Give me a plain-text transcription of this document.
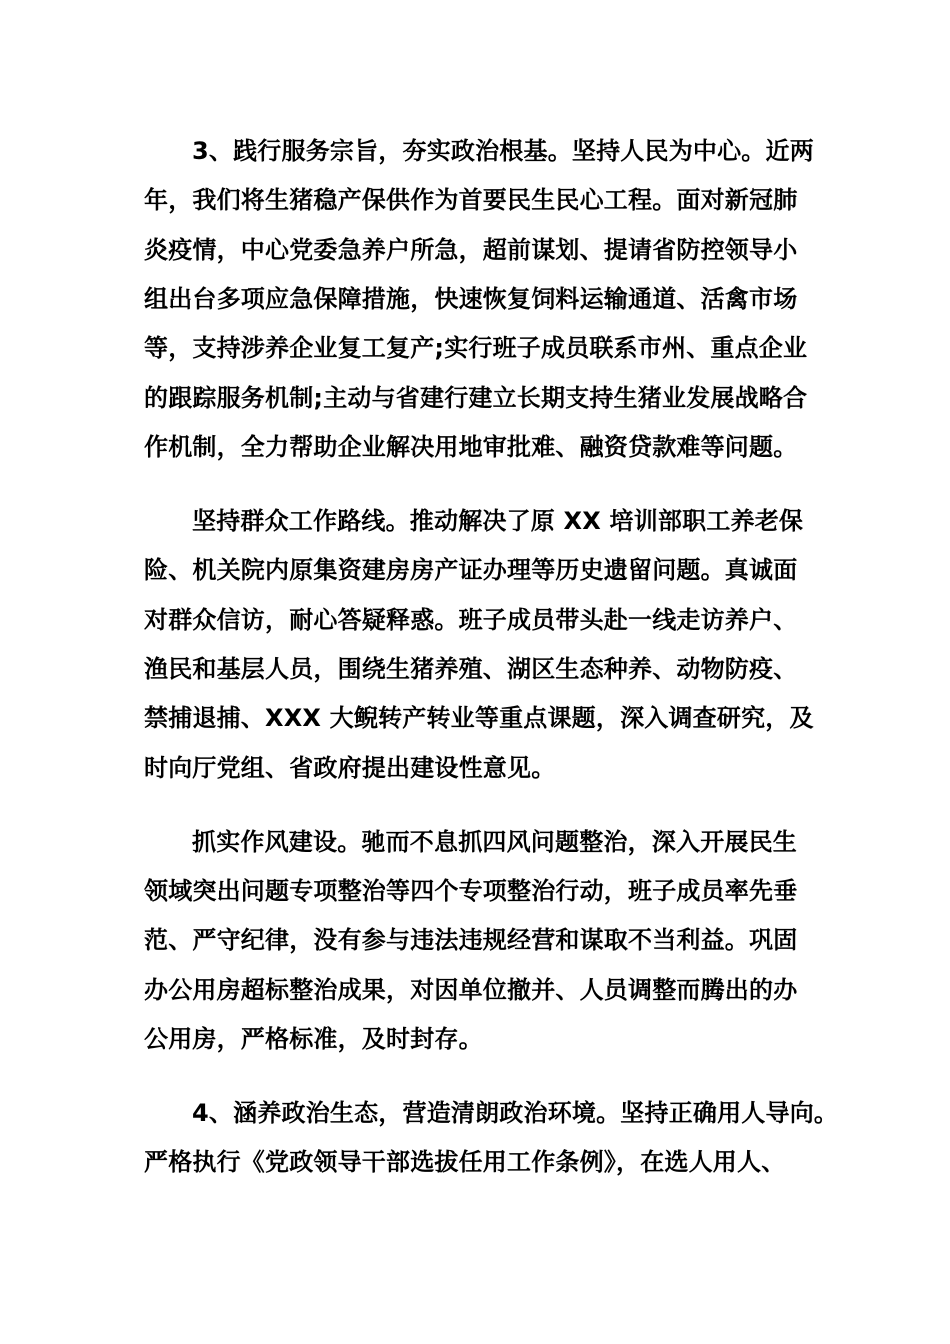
3、践行服务宗旨，夯实政治根基。坚持人民为中心。近两
年，我们将生猪稳产保供作为首要民生民心工程。面对新冠肺
炎疫情，中心党委急养户所急，超前谋划、提请省防控领导小
组出台多项应急保障措施，快速恢复饲料运输通道、活禽市场
等，支持涉养企业复工复产;实行班子成员联系市州、重点企业
的跟踪服务机制;主动与省建行建立长期支持生猪业发展战略合
作机制，全力帮助企业解决用地审批难、融资贷款难等问题。
坚持群众工作路线。推动解决了原 XX 培训部职工养老保
险、机关院内原集资建房房产证办理等历史遗留问题。真诚面
对群众信访，耐心答疑释惑。班子成员带头赴一线走访养户、
渔民和基层人员，围绕生猪养殖、湖区生态种养、动物防疫、
禁捕退捕、XXX 大鲵转产转业等重点课题，深入调查研究，及
时向厅党组、省政府提出建设性意见。
抓实作风建设。驰而不息抓四风问题整治，深入开展民生
领域突出问题专项整治等四个专项整治行动，班子成员率先垂
范、严守纪律，没有参与违法违规经营和谋取不当利益。巩固
办公用房超标整治成果，对因单位撤并、人员调整而腾出的办
公用房，严格标准，及时封存。
4、涵养政治生态，营造清朗政治环境。坚持正确用人导向。
严格执行《党政领导干部选拔任用工作条例》，在选人用人、
